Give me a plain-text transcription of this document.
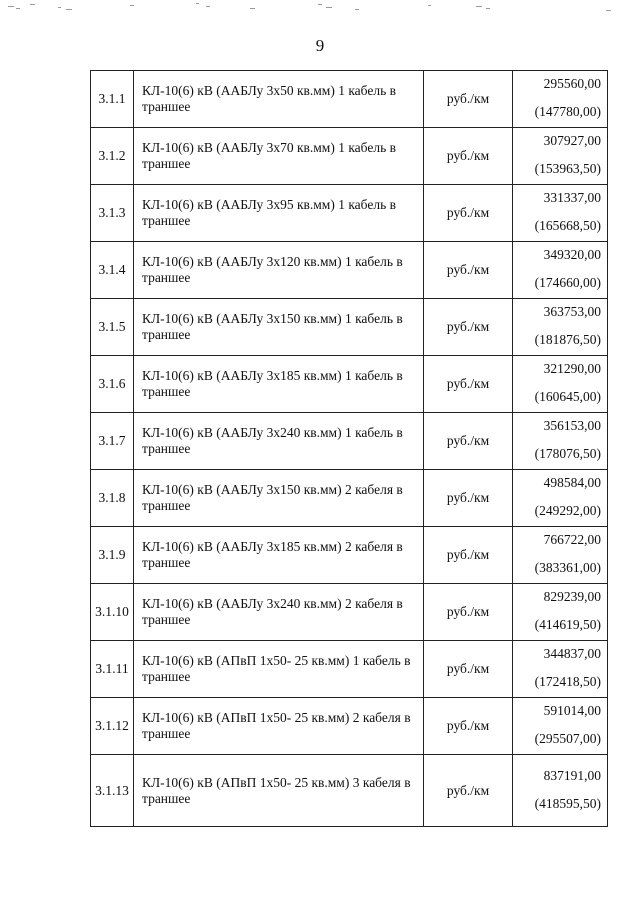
9
3.1.1	КЛ-10(6) кВ (ААБЛу 3х50 кв.мм) 1 кабель в траншее	руб./км	295560,00
(147780,00)

3.1.2	КЛ-10(6) кВ (ААБЛу 3х70 кв.мм) 1 кабель в траншее	руб./км	307927,00
(153963,50)

3.1.3	КЛ-10(6) кВ (ААБЛу 3х95 кв.мм) 1 кабель в траншее	руб./км	331337,00
(165668,50)

3.1.4	КЛ-10(6) кВ (ААБЛу 3х120 кв.мм) 1 кабель в траншее	руб./км	349320,00
(174660,00)

3.1.5	КЛ-10(6) кВ (ААБЛу 3х150 кв.мм) 1 кабель в траншее	руб./км	363753,00
(181876,50)

3.1.6	КЛ-10(6) кВ (ААБЛу 3х185 кв.мм) 1 кабель в траншее	руб./км	321290,00
(160645,00)

3.1.7	КЛ-10(6) кВ (ААБЛу 3х240 кв.мм) 1 кабель в траншее	руб./км	356153,00
(178076,50)

3.1.8	КЛ-10(6) кВ (ААБЛу 3х150 кв.мм) 2 кабеля в траншее	руб./км	498584,00
(249292,00)

3.1.9	КЛ-10(6) кВ (ААБЛу 3х185 кв.мм) 2 кабеля в траншее	руб./км	766722,00
(383361,00)

3.1.10	КЛ-10(6) кВ (ААБЛу 3х240 кв.мм) 2 кабеля в траншее	руб./км	829239,00
(414619,50)

3.1.11	КЛ-10(6) кВ (АПвП 1х50- 25 кв.мм) 1 кабель в траншее	руб./км	344837,00
(172418,50)

3.1.12	КЛ-10(6) кВ (АПвП 1х50- 25 кв.мм) 2 кабеля в траншее	руб./км	591014,00
(295507,00)

3.1.13	КЛ-10(6) кВ (АПвП 1х50- 25 кв.мм) 3 кабеля в траншее	руб./км	837191,00
(418595,50)
